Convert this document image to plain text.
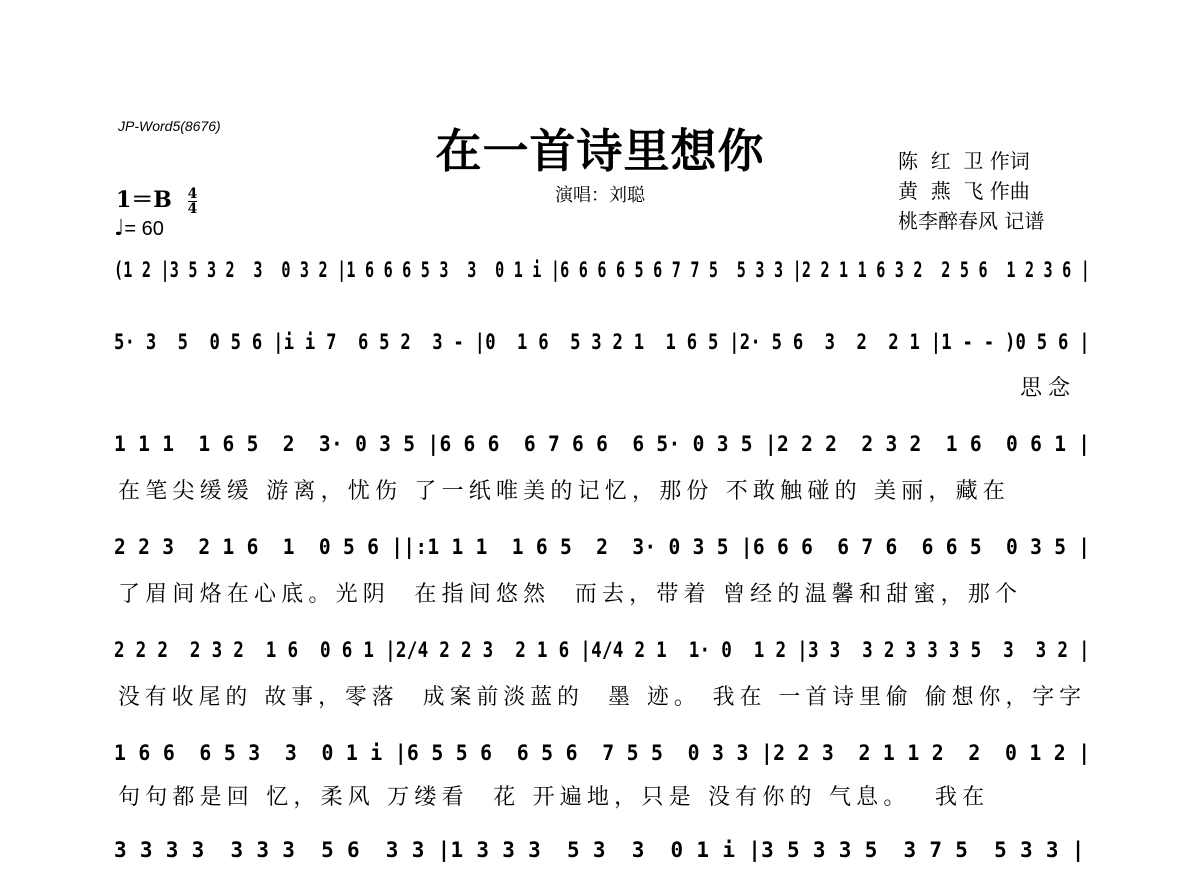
JP-Word5(8676)	在一首诗里想你
演唱：刘聪
陈  红  卫 作词
黄  燕  飞 作曲
桃李醉春风 记谱
$1=B \frac{4}{4}$
♩= 60
(1 2 |3 5 3 2  3  0 3 2 |1 6 6 6 5 3  3  0 1 i |6 6 6 6 5 6 7 7 5  5 3 3 |2 2 1 1 6 3 2  2 5 6  1 2 3 6 |
5· 3  5  0 5 6 |i i 7  6 5 2  3 - |0  1 6  5 3 2 1  1 6 5 |2· 5 6  3  2  2 1 |1 - - )0 5 6 |
思念
1 1 1  1 6 5  2  3· 0 3 5 |6 6 6  6 7 6 6  6 5· 0 3 5 |2 2 2  2 3 2  1 6  0 6 1 |
在笔尖缓缓 游离，忧伤 了一纸唯美的记忆，那份 不敢触碰的 美丽，藏在
2 2 3  2 1 6  1  0 5 6 ||:1 1 1  1 6 5  2  3· 0 3 5 |6 6 6  6 7 6  6 6 5  0 3 5 |
了眉间烙在心底。光阴  在指间悠然  而去，带着 曾经的温馨和甜蜜，那个
2 2 2  2 3 2  1 6  0 6 1 |2/4 2 2 3  2 1 6 |4/4 2 1  1· 0  1 2 |3 3  3 2 3 3 3 5  3  3 2 |
没有收尾的 故事，零落  成案前淡蓝的  墨 迹。 我在 一首诗里偷 偷想你，字字
1 6 6  6 5 3  3  0 1 i |6 5 5 6  6 5 6  7 5 5  0 3 3 |2 2 3  2 1 1 2  2  0 1 2 |
句句都是回 忆，柔风 万缕看  花 开遍地，只是 没有你的 气息。  我在
3 3 3 3  3 3 3  5 6  3 3 |1 3 3 3  5 3  3  0 1 i |3 5 3 3 5  3 7 5  5 3 3 |
